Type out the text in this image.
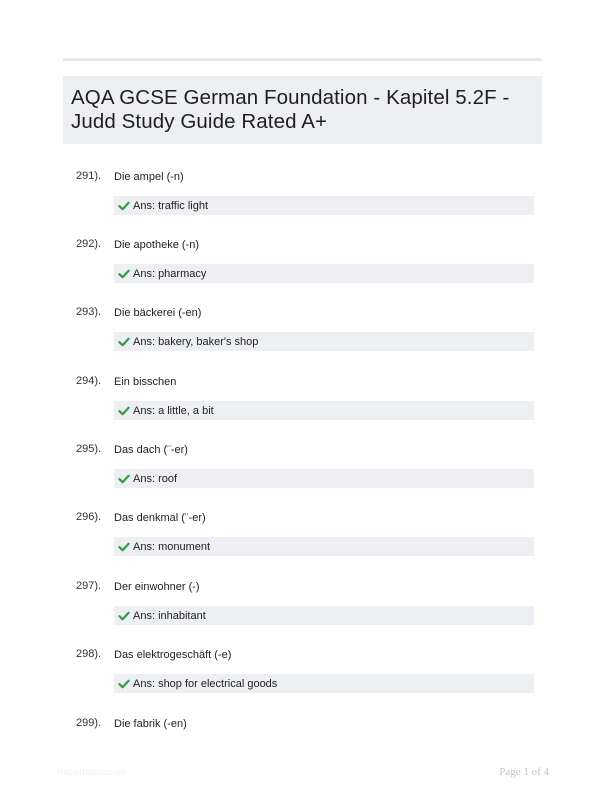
AQA GCSE German Foundation - Kapitel 5.2F - Judd Study Guide Rated A+
291). Die ampel (-n)
Ans: traffic light
292). Die apotheke (-n)
Ans: pharmacy
293). Die bäckerei (-en)
Ans: bakery, baker's shop
294). Ein bisschen
Ans: a little, a bit
295). Das dach (¨-er)
Ans: roof
296). Das denkmal (¨-er)
Ans: monument
297). Der einwohner (-)
Ans: inhabitant
298). Das elektrogeschäft (-e)
Ans: shop for electrical goods
299). Die fabrik (-en)
Paperrgbsc.com	Page 1 of 4
